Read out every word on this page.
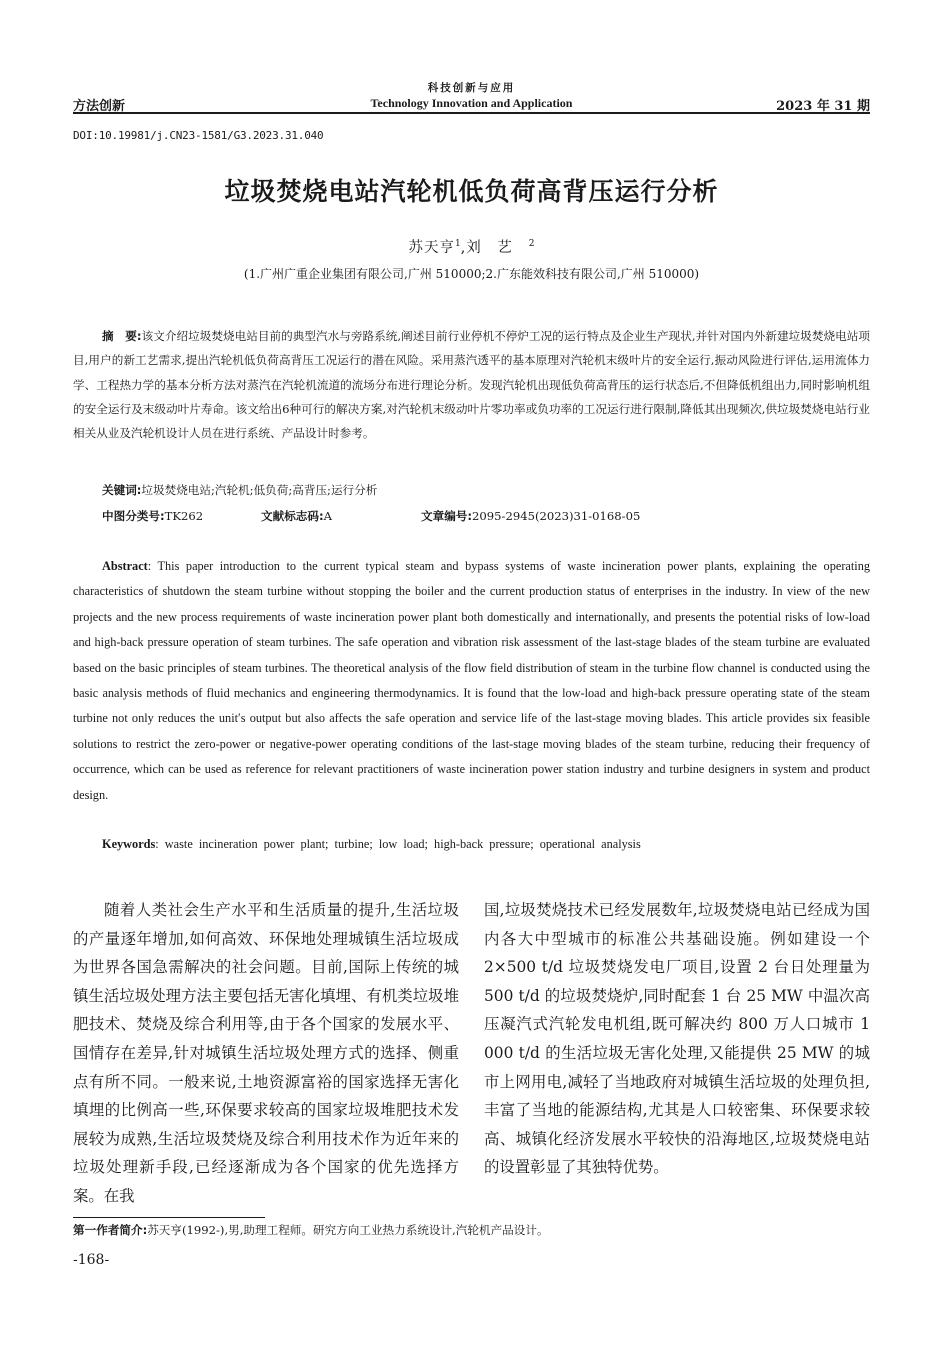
科技创新与应用
方法创新	Technology Innovation and Application	2023 年 31 期
DOI:10.19981/j.CN23-1581/G3.2023.31.040
垃圾焚烧电站汽轮机低负荷高背压运行分析
苏天亨$^1$,刘　艺 $^2$
(1.广州广重企业集团有限公司,广州 510000;2.广东能效科技有限公司,广州 510000)

摘　要:该文介绍垃圾焚烧电站目前的典型汽水与旁路系统,阐述目前行业停机不停炉工况的运行特点及企业生产现状,并针对国内外新建垃圾焚烧电站项目,用户的新工艺需求,提出汽轮机低负荷高背压工况运行的潜在风险。采用蒸汽透平的基本原理对汽轮机末级叶片的安全运行,振动风险进行评估,运用流体力学、工程热力学的基本分析方法对蒸汽在汽轮机流道的流场分布进行理论分析。发现汽轮机出现低负荷高背压的运行状态后,不但降低机组出力,同时影响机组的安全运行及末级动叶片寿命。该文给出6种可行的解决方案,对汽轮机末级动叶片零功率或负功率的工况运行进行限制,降低其出现频次,供垃圾焚烧电站行业相关从业及汽轮机设计人员在进行系统、产品设计时参考。

关键词:垃圾焚烧电站;汽轮机;低负荷;高背压;运行分析
中图分类号:TK262	文献标志码:A	文章编号:2095-2945(2023)31-0168-05

Abstract: This paper introduction to the current typical steam and bypass systems of waste incineration power plants, explaining the operating characteristics of shutdown the steam turbine without stopping the boiler and the current production status of enterprises in the industry. In view of the new projects and the new process requirements of waste incineration power plant both domestically and internationally, and presents the potential risks of low-load and high-back pressure operation of steam turbines. The safe operation and vibration risk assessment of the last-stage blades of the steam turbine are evaluated based on the basic principles of steam turbines. The theoretical analysis of the flow field distribution of steam in the turbine flow channel is conducted using the basic analysis methods of fluid mechanics and engineering thermodynamics. It is found that the low-load and high-back pressure operating state of the steam turbine not only reduces the unit′s output but also affects the safe operation and service life of the last-stage moving blades. This article provides six feasible solutions to restrict the zero-power or negative-power operating conditions of the last-stage moving blades of the steam turbine, reducing their frequency of occurrence, which can be used as reference for relevant practitioners of waste incineration power station industry and turbine designers in system and product design.

Keywords: waste incineration power plant; turbine; low load; high-back pressure; operational analysis

随着人类社会生产水平和生活质量的提升,生活垃圾的产量逐年增加,如何高效、环保地处理城镇生活垃圾成为世界各国急需解决的社会问题。目前,国际上传统的城镇生活垃圾处理方法主要包括无害化填埋、有机类垃圾堆肥技术、焚烧及综合利用等,由于各个国家的发展水平、国情存在差异,针对城镇生活垃圾处理方式的选择、侧重点有所不同。一般来说,土地资源富裕的国家选择无害化填埋的比例高一些,环保要求较高的国家垃圾堆肥技术发展较为成熟,生活垃圾焚烧及综合利用技术作为近年来的垃圾处理新手段,已经逐渐成为各个国家的优先选择方案。在我

国,垃圾焚烧技术已经发展数年,垃圾焚烧电站已经成为国内各大中型城市的标准公共基础设施。例如建设一个 2×500 t/d 垃圾焚烧发电厂项目,设置 2 台日处理量为 500 t/d 的垃圾焚烧炉,同时配套 1 台 25 MW 中温次高压凝汽式汽轮发电机组,既可解决约 800 万人口城市 1 000 t/d 的生活垃圾无害化处理,又能提供 25 MW 的城市上网用电,减轻了当地政府对城镇生活垃圾的处理负担,丰富了当地的能源结构,尤其是人口较密集、环保要求较高、城镇化经济发展水平较快的沿海地区,垃圾焚烧电站的设置彰显了其独特优势。

第一作者简介:苏天亨(1992-),男,助理工程师。研究方向工业热力系统设计,汽轮机产品设计。
-168-
